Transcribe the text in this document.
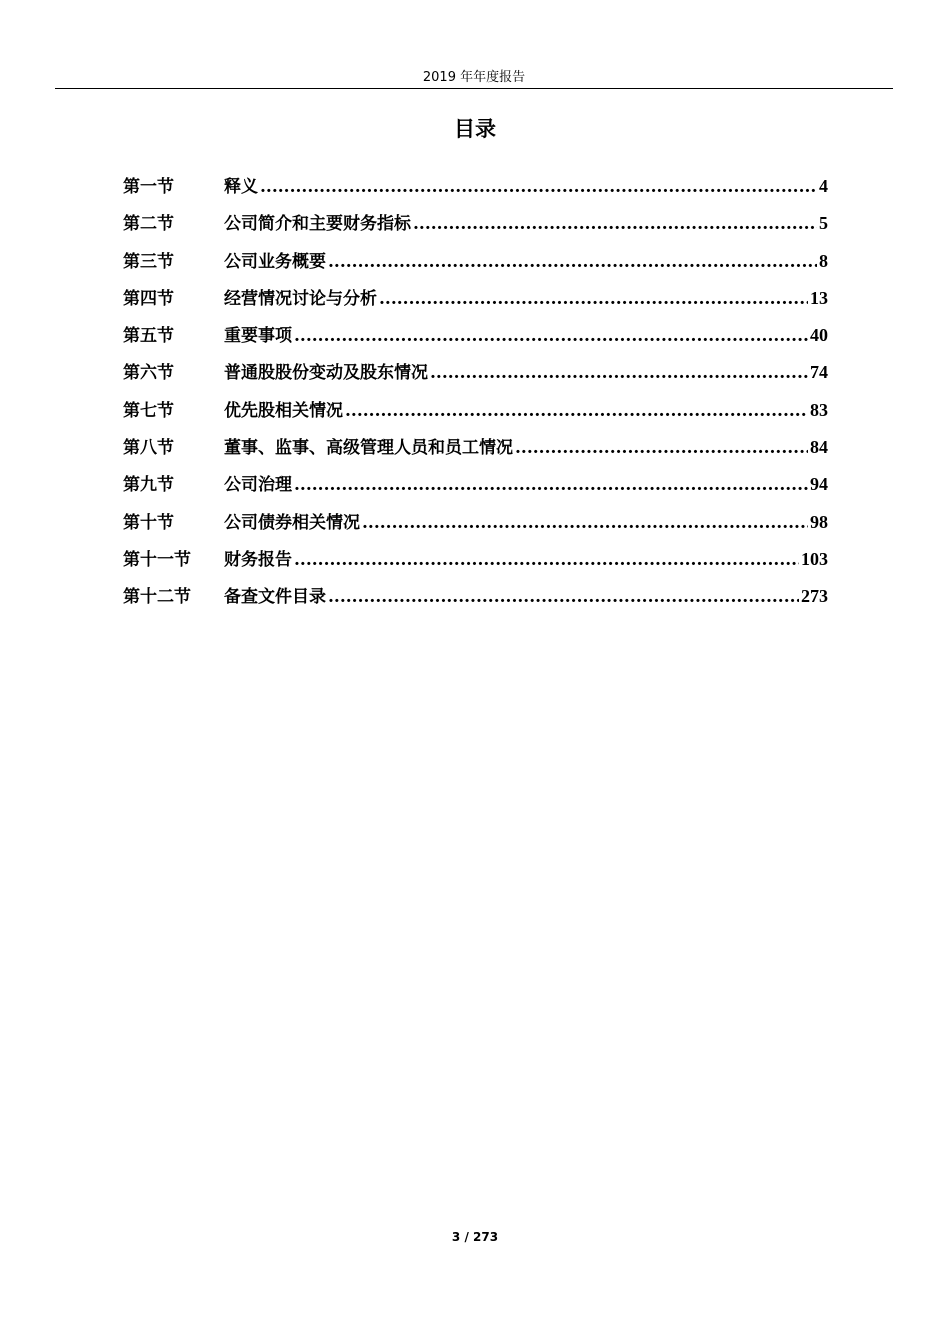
2019 年年度报告
目录
第一节	释义 .....	4
第二节	公司简介和主要财务指标 .....	5
第三节	公司业务概要 .....	8
第四节	经营情况讨论与分析 .....	13
第五节	重要事项 .....	40
第六节	普通股股份变动及股东情况 .....	74
第七节	优先股相关情况 .....	83
第八节	董事、监事、高级管理人员和员工情况 .....	84
第九节	公司治理 .....	94
第十节	公司债券相关情况 .....	98
第十一节	财务报告 .....	103
第十二节	备查文件目录 .....	273
3 / 273
